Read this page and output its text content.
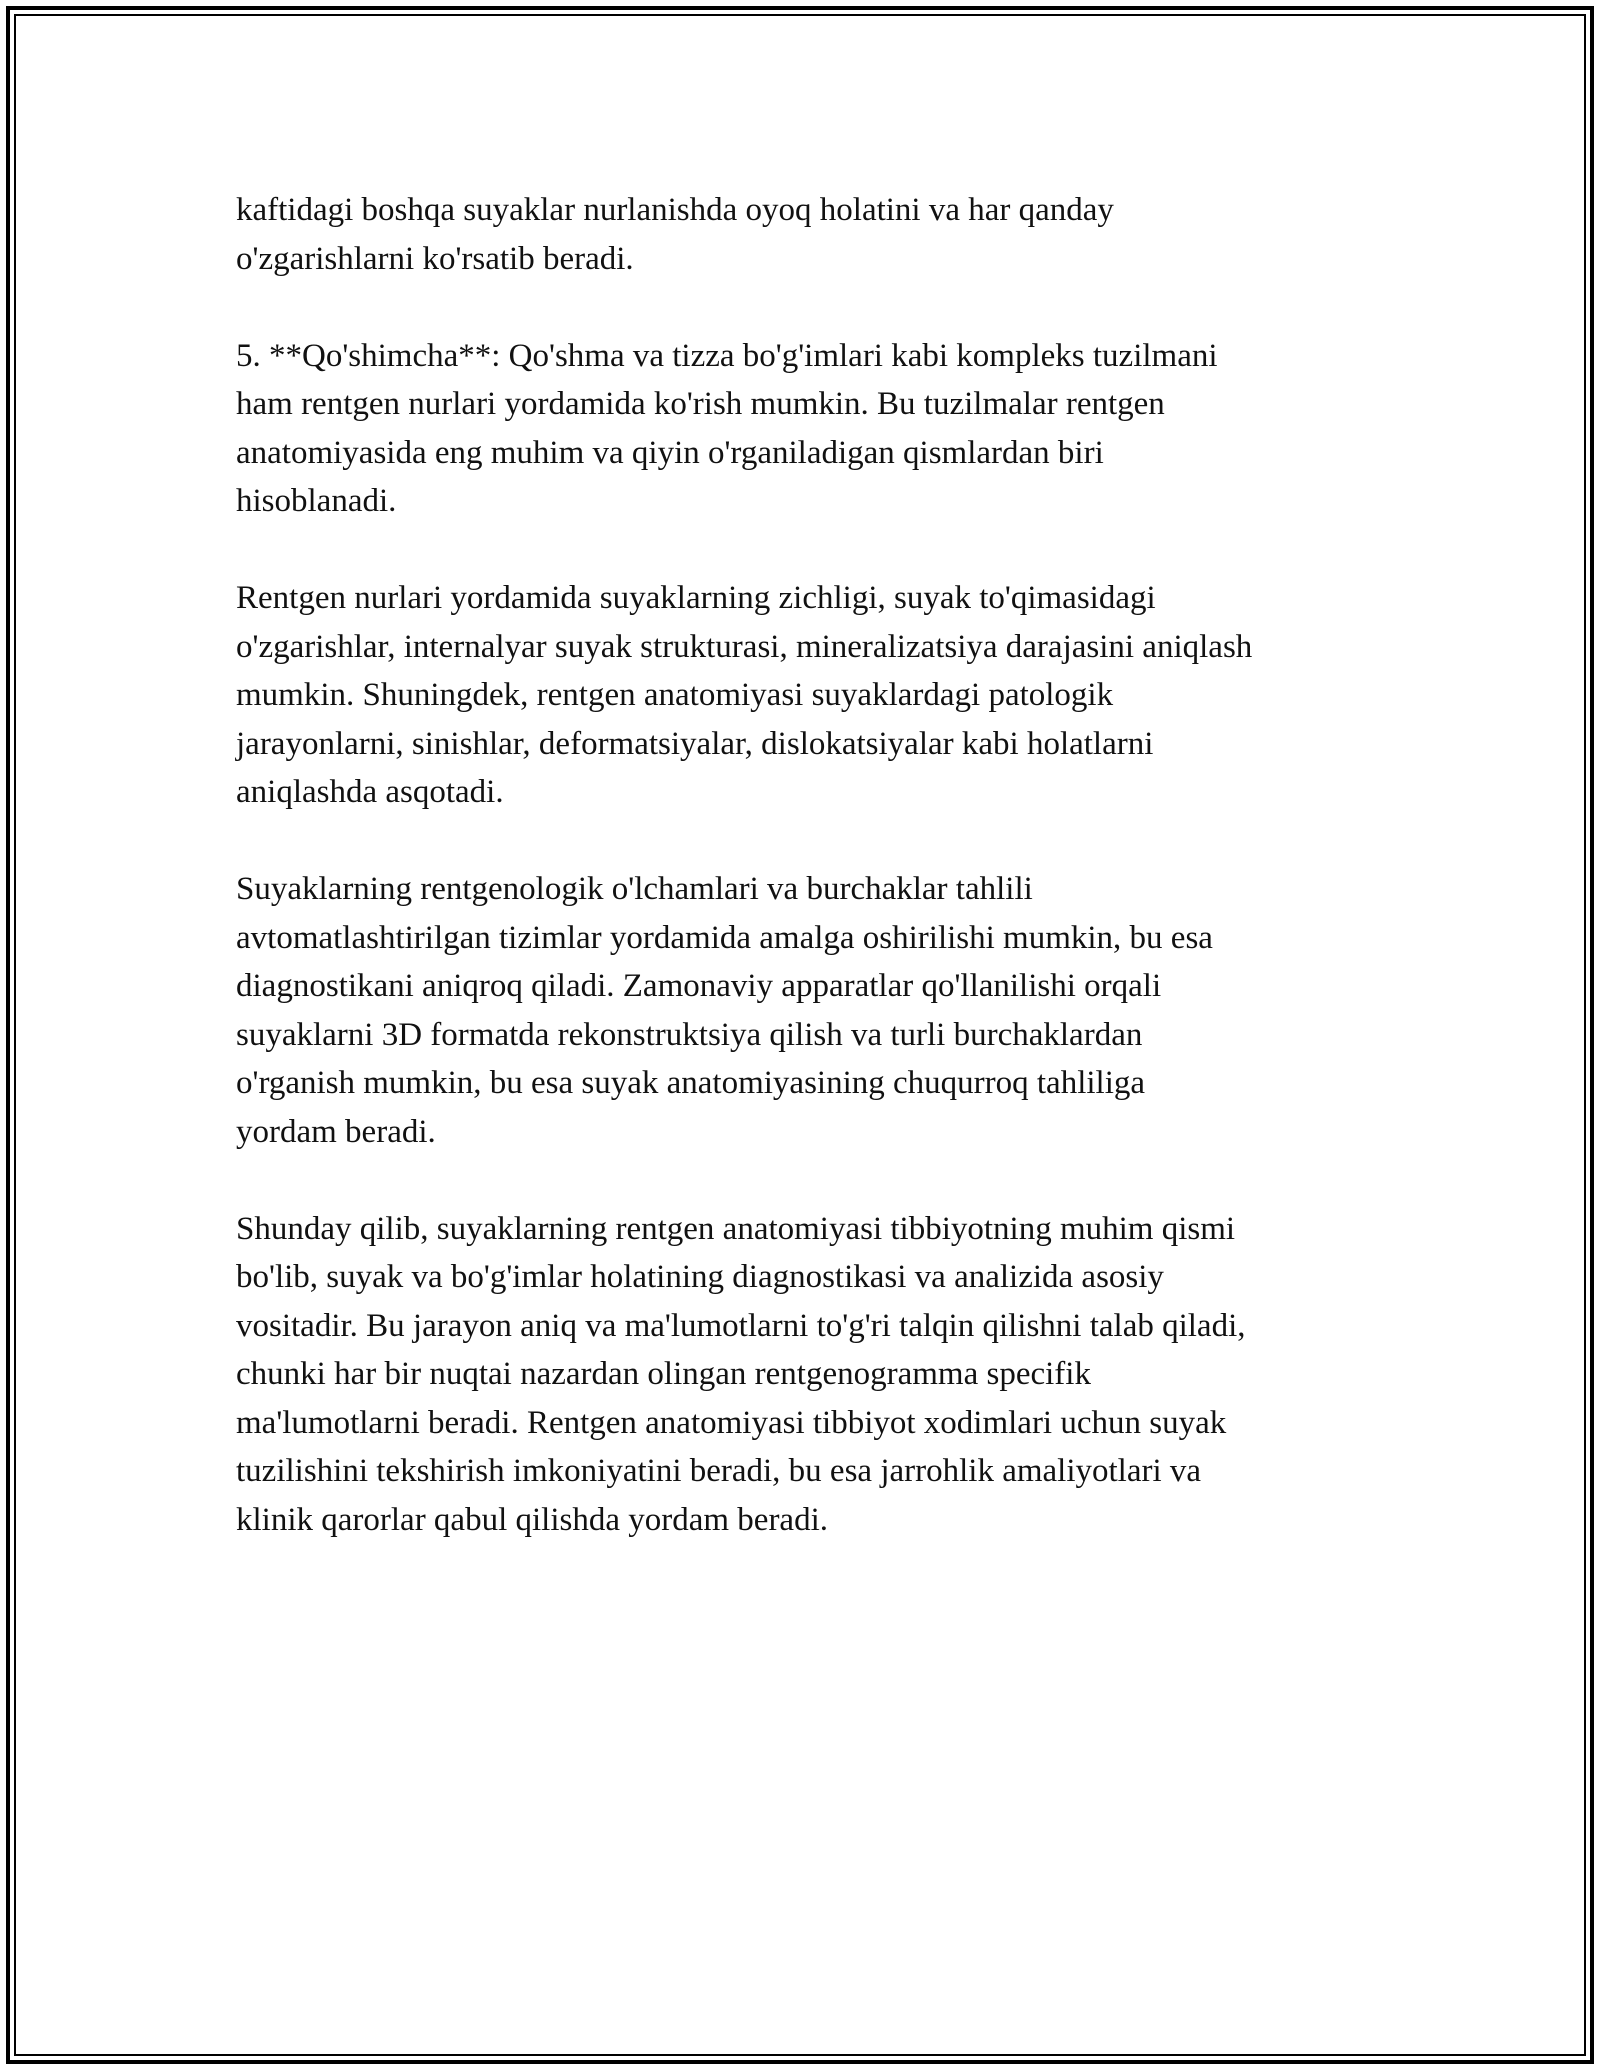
kaftidagi boshqa suyaklar nurlanishda oyoq holatini va har qanday
o'zgarishlarni ko'rsatib beradi.
5. **Qo'shimcha**: Qo'shma va tizza bo'g'imlari kabi kompleks tuzilmani
ham rentgen nurlari yordamida ko'rish mumkin. Bu tuzilmalar rentgen
anatomiyasida eng muhim va qiyin o'rganiladigan qismlardan biri
hisoblanadi.
Rentgen nurlari yordamida suyaklarning zichligi, suyak to'qimasidagi
o'zgarishlar, internalyar suyak strukturasi, mineralizatsiya darajasini aniqlash
mumkin. Shuningdek, rentgen anatomiyasi suyaklardagi patologik
jarayonlarni, sinishlar, deformatsiyalar, dislokatsiyalar kabi holatlarni
aniqlashda asqotadi.
Suyaklarning rentgenologik o'lchamlari va burchaklar tahlili
avtomatlashtirilgan tizimlar yordamida amalga oshirilishi mumkin, bu esa
diagnostikani aniqroq qiladi. Zamonaviy apparatlar qo'llanilishi orqali
suyaklarni 3D formatda rekonstruktsiya qilish va turli burchaklardan
o'rganish mumkin, bu esa suyak anatomiyasining chuqurroq tahliliga
yordam beradi.
Shunday qilib, suyaklarning rentgen anatomiyasi tibbiyotning muhim qismi
bo'lib, suyak va bo'g'imlar holatining diagnostikasi va analizida asosiy
vositadir. Bu jarayon aniq va ma'lumotlarni to'g'ri talqin qilishni talab qiladi,
chunki har bir nuqtai nazardan olingan rentgenogramma specifik
ma'lumotlarni beradi. Rentgen anatomiyasi tibbiyot xodimlari uchun suyak
tuzilishini tekshirish imkoniyatini beradi, bu esa jarrohlik amaliyotlari va
klinik qarorlar qabul qilishda yordam beradi.
